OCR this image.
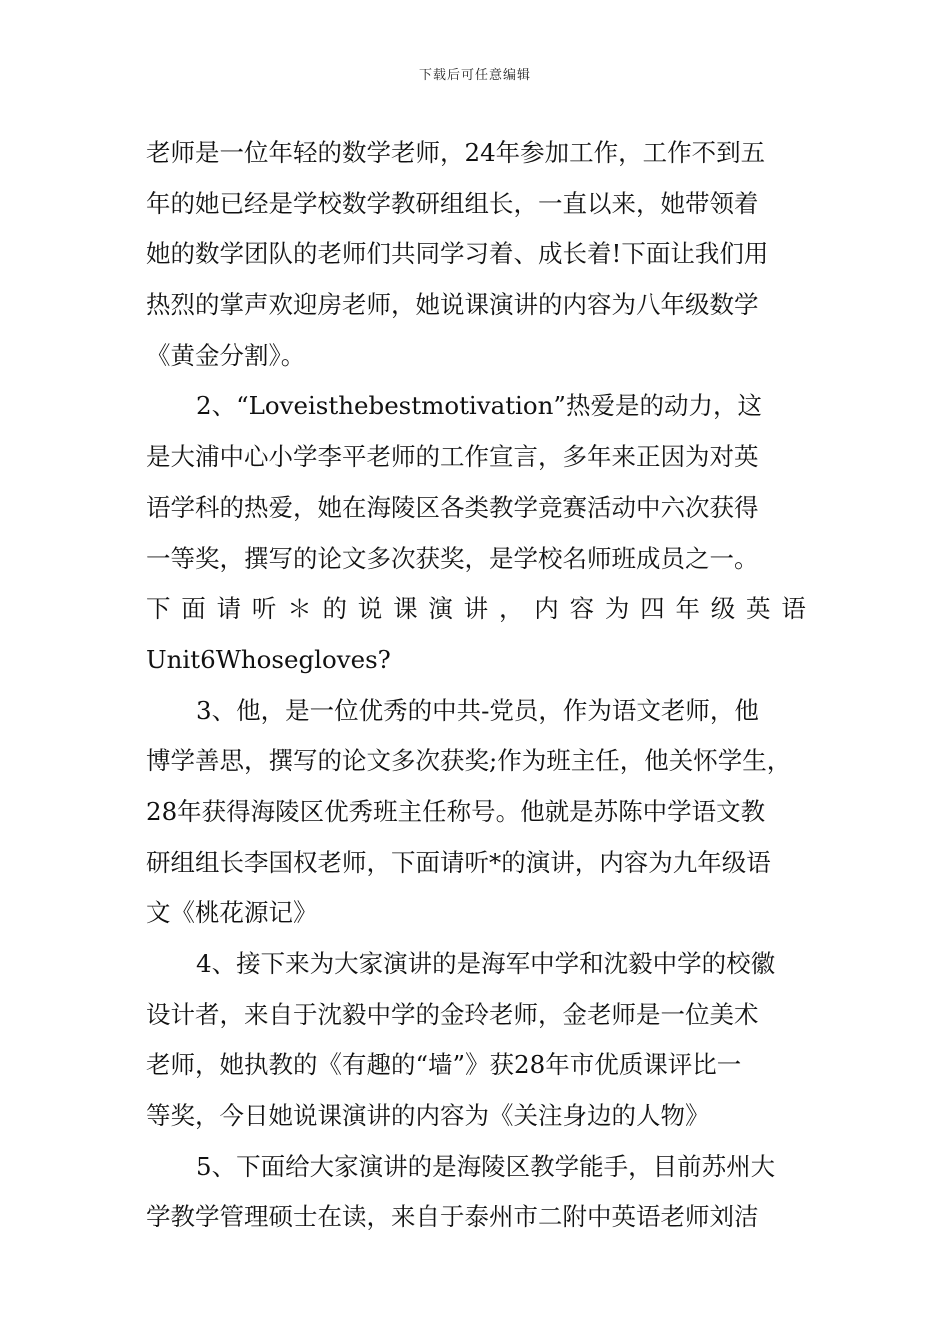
下载后可任意编辑
老师是一位年轻的数学老师，24年参加工作，工作不到五
年的她已经是学校数学教研组组长，一直以来，她带领着
她的数学团队的老师们共同学习着、成长着!下面让我们用
热烈的掌声欢迎房老师，她说课演讲的内容为八年级数学
《黄金分割》。
2、“Loveisthebestmotivation”热爱是的动力，这
是大浦中心小学李平老师的工作宣言，多年来正因为对英
语学科的热爱，她在海陵区各类教学竞赛活动中六次获得
一等奖，撰写的论文多次获奖，是学校名师班成员之一。
下 面 请 听 ＊ 的 说 课 演 讲 ， 内 容 为 四 年 级 英 语
Unit6Whosegloves?
3、他，是一位优秀的中共-党员，作为语文老师，他
博学善思，撰写的论文多次获奖;作为班主任，他关怀学生，
28年获得海陵区优秀班主任称号。他就是苏陈中学语文教
研组组长李国权老师，下面请听*的演讲，内容为九年级语
文《桃花源记》
4、接下来为大家演讲的是海军中学和沈毅中学的校徽
设计者，来自于沈毅中学的金玲老师，金老师是一位美术
老师，她执教的《有趣的“墙”》获28年市优质课评比一
等奖，今日她说课演讲的内容为《关注身边的人物》
5、下面给大家演讲的是海陵区教学能手，目前苏州大
学教学管理硕士在读，来自于泰州市二附中英语老师刘洁
